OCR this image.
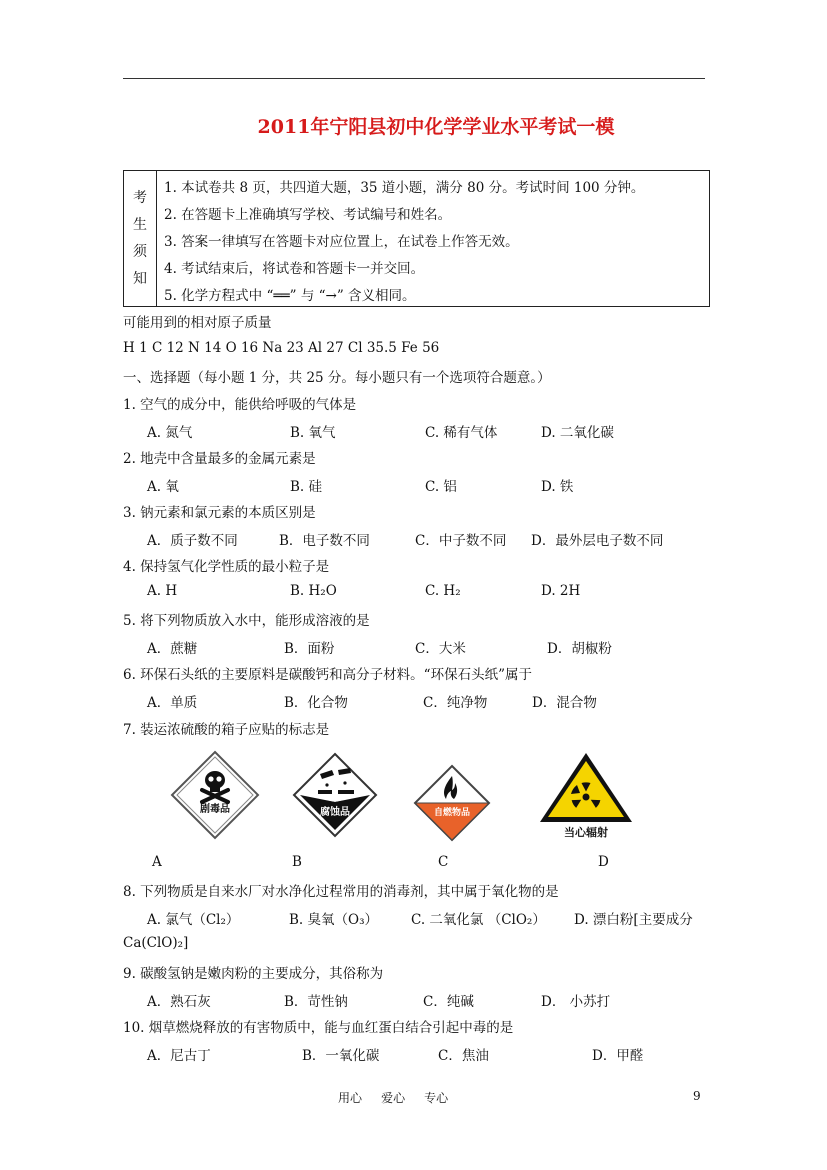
2011年宁阳县初中化学学业水平考试一模
考
生
须
知
1. 本试卷共 8 页，共四道大题，35 道小题，满分 80 分。考试时间 100 分钟。
2. 在答题卡上准确填写学校、考试编号和姓名。
3. 答案一律填写在答题卡对应位置上，在试卷上作答无效。
4. 考试结束后，将试卷和答题卡一并交回。
5. 化学方程式中 “══” 与 “→” 含义相同。
可能用到的相对原子质量
H 1 C 12 N 14 O 16 Na 23 Al 27 Cl 35.5 Fe 56
一、选择题（每小题 1 分，共 25 分。每小题只有一个选项符合题意。）
1. 空气的成分中，能供给呼吸的气体是
A. 氮气	B. 氧气	C. 稀有气体	D. 二氧化碳
2. 地壳中含量最多的金属元素是
A. 氧	B. 硅	C. 铝	D. 铁
3. 钠元素和氯元素的本质区别是
A．质子数不同	B．电子数不同	C．中子数不同 D．最外层电子数不同
4. 保持氢气化学性质的最小粒子是
A. H	B. H₂O	C. H₂	D. 2H
5. 将下列物质放入水中，能形成溶液的是
A．蔗糖	B．面粉	C．大米	D．胡椒粉
6. 环保石头纸的主要原料是碳酸钙和高分子材料。“环保石头纸”属于
A．单质	B．化合物	C．纯净物	D．混合物
7. 装运浓硫酸的箱子应贴的标志是
剧毒品	腐蚀品	自燃物品
当心辐射
A	B	C	D
8. 下列物质是自来水厂对水净化过程常用的消毒剂，其中属于氧化物的是
A. 氯气（Cl₂）	B. 臭氧（O₃） C. 二氧化氯 （ClO₂） D. 漂白粉[主要成分
Ca(ClO)₂]
9. 碳酸氢钠是嫩肉粉的主要成分，其俗称为
A．熟石灰	B．苛性钠	C．纯碱	D． 小苏打
10. 烟草燃烧释放的有害物质中，能与血红蛋白结合引起中毒的是
A．尼古丁	B．一氧化碳	C．焦油	D．甲醛
用心     爱心     专心	9
